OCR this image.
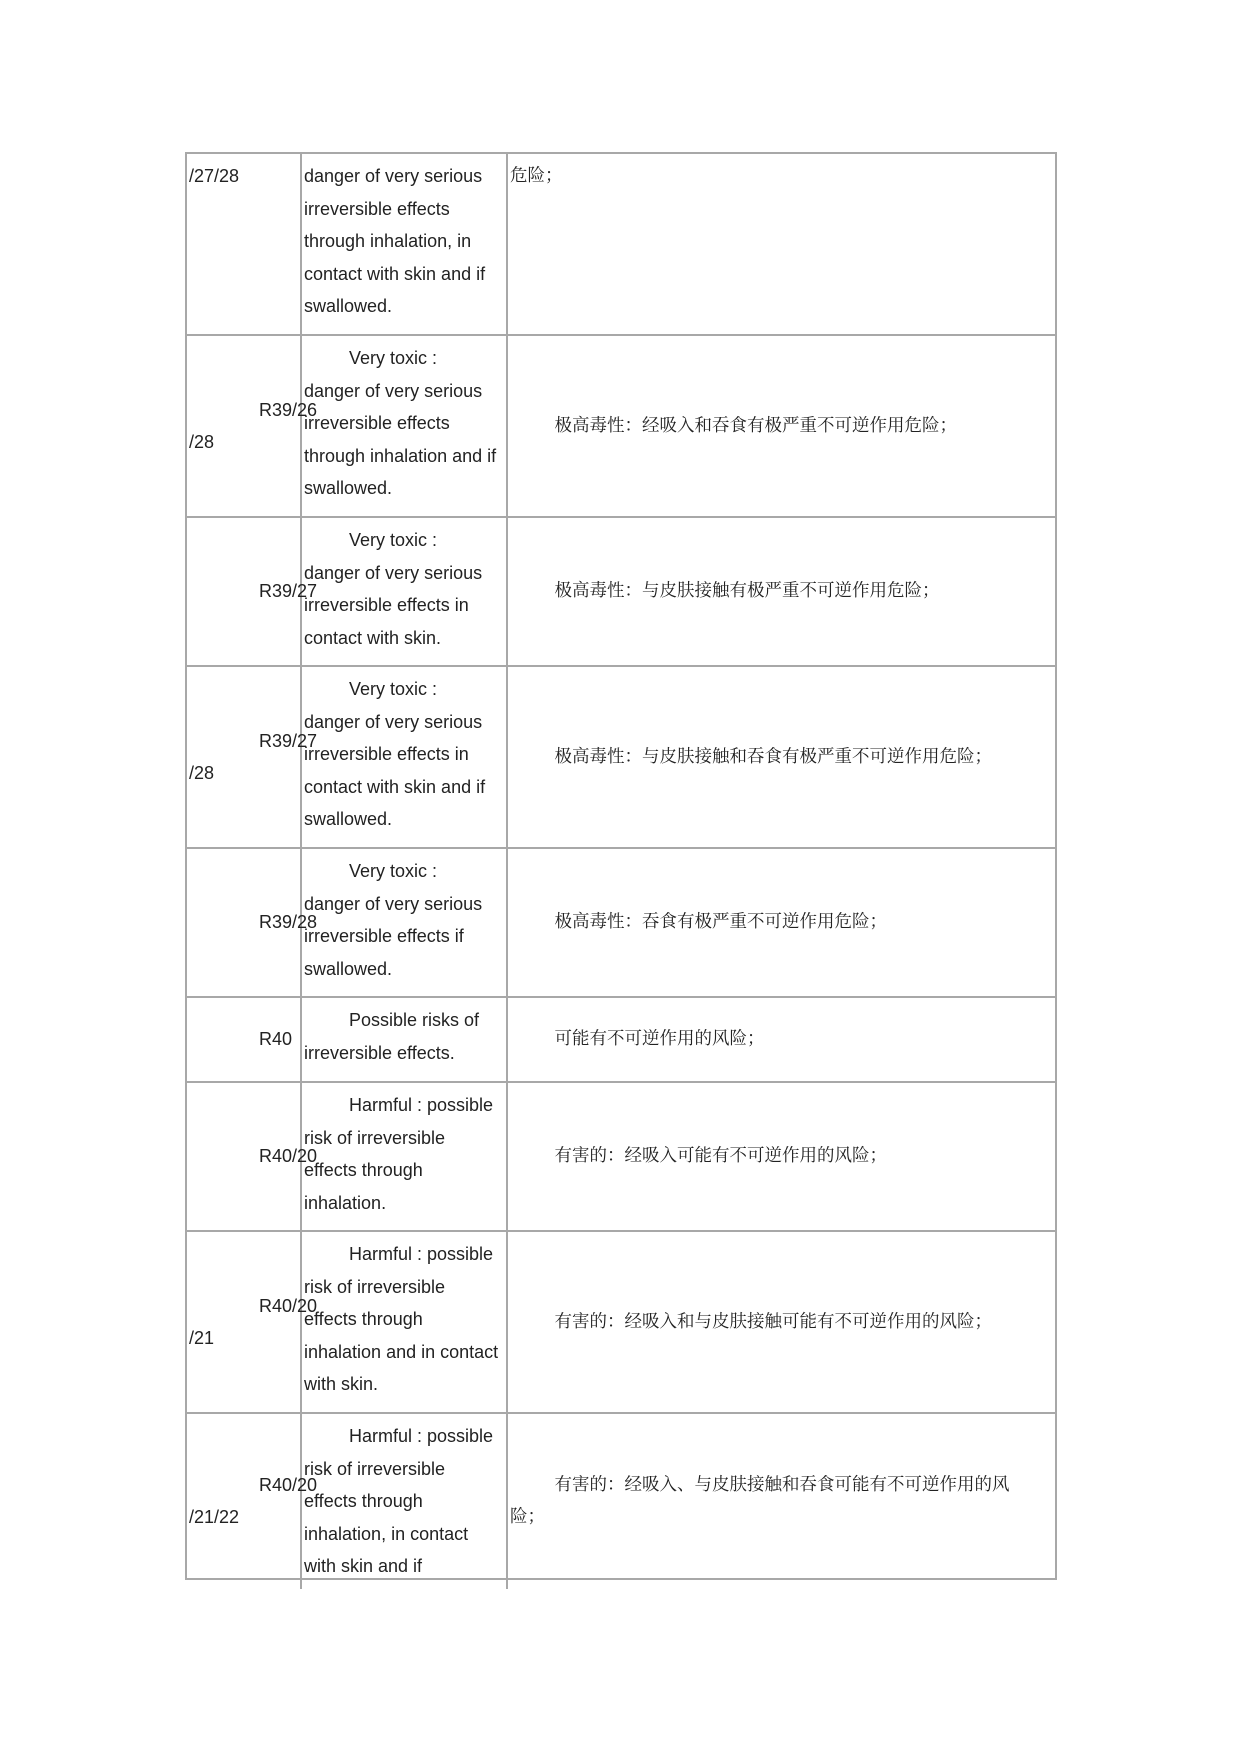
/27/28	danger of very serious
irreversible effects
through inhalation, in
contact with skin and if
swallowed.
危险；
R39/26
/28
Very toxic :
danger of very serious
irreversible effects
through inhalation and if
swallowed.
极高毒性：经吸入和吞食有极严重不可逆作用危险；
R39/27
Very toxic :
danger of very serious
irreversible effects in
contact with skin.
极高毒性：与皮肤接触有极严重不可逆作用危险；
R39/27
/28
Very toxic :
danger of very serious
irreversible effects in
contact with skin and if
swallowed.
极高毒性：与皮肤接触和吞食有极严重不可逆作用危险；
R39/28
Very toxic :
danger of very serious
irreversible effects if
swallowed.
极高毒性：吞食有极严重不可逆作用危险；
R40
Possible risks of
irreversible effects.
可能有不可逆作用的风险；
R40/20
Harmful : possible
risk of irreversible
effects through
inhalation.
有害的：经吸入可能有不可逆作用的风险；
R40/20
/21
Harmful : possible
risk of irreversible
effects through
inhalation and in contact
with skin.
有害的：经吸入和与皮肤接触可能有不可逆作用的风险；
R40/20
/21/22
Harmful : possible
risk of irreversible
effects through
inhalation, in contact
with skin and if
有害的：经吸入、与皮肤接触和吞食可能有不可逆作用的风
险；
